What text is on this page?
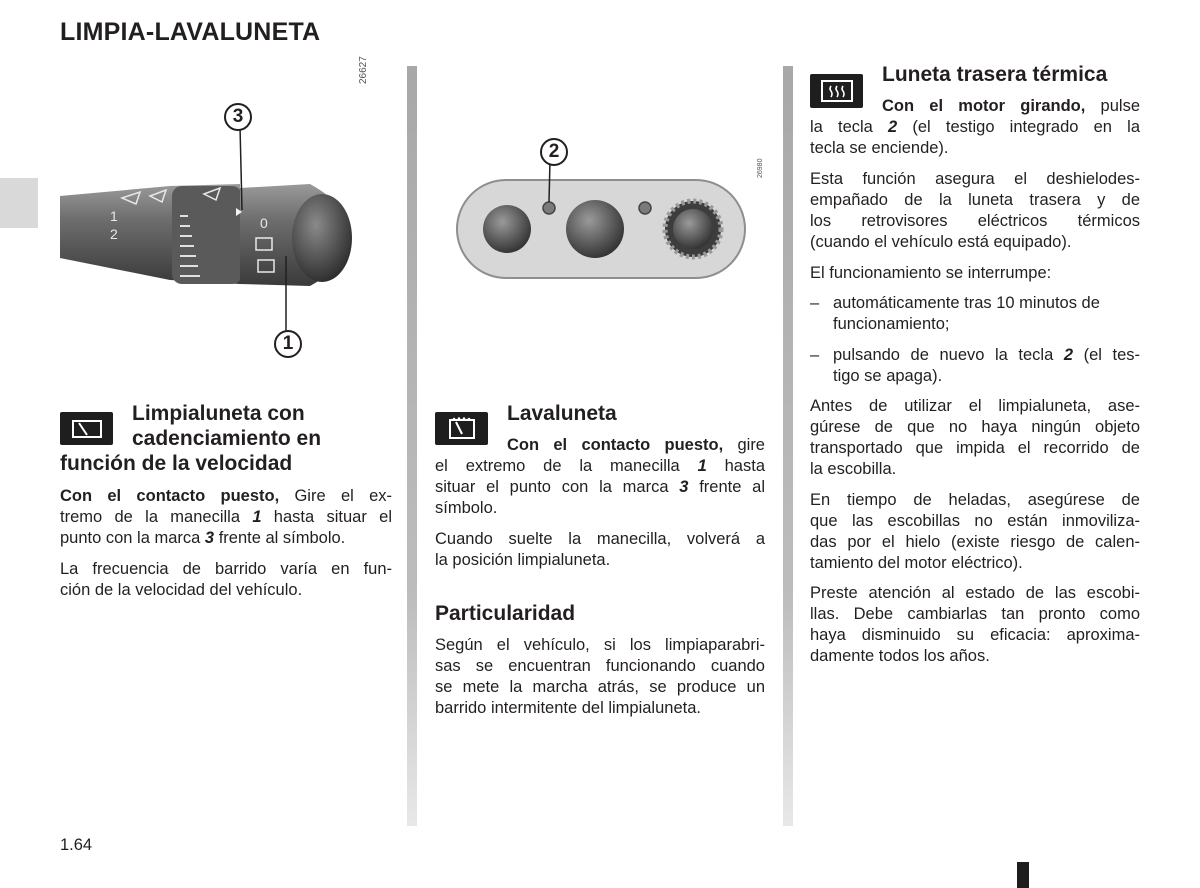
LIMPIA-LAVALUNETA
1
2
0
3
1
26627
Limpialuneta con
cadenciamiento en
función de la velocidad
Con el contacto puesto, Gire el ex-
tremo de la manecilla 1 hasta situar el
punto con la marca 3 frente al símbolo.
La frecuencia de barrido varía en fun-
ción de la velocidad del vehículo.
2
26980
Lavaluneta
Con el contacto puesto, gire
el extremo de la manecilla 1 hasta
situar el punto con la marca 3 frente al
símbolo.
Cuando suelte la manecilla, volverá a
la posición limpialuneta.
Particularidad
Según el vehículo, si los limpiaparabri-
sas se encuentran funcionando cuando
se mete la marcha atrás, se produce un
barrido intermitente del limpialuneta.
Luneta trasera térmica
Con el motor girando, pulse
la tecla 2 (el testigo integrado en la
tecla se enciende).
Esta función asegura el deshielodes-
empañado de la luneta trasera y de
los retrovisores eléctricos térmicos
(cuando el vehículo está equipado).
El funcionamiento se interrumpe:
– automáticamente tras 10 minutos de
funcionamiento;
– pulsando de nuevo la tecla 2 (el tes-
tigo se apaga).
Antes de utilizar el limpialuneta, ase-
gúrese de que no haya ningún objeto
transportado que impida el recorrido de
la escobilla.
En tiempo de heladas, asegúrese de
que las escobillas no están inmoviliza-
das por el hielo (existe riesgo de calen-
tamiento del motor eléctrico).
Preste atención al estado de las escobi-
llas. Debe cambiarlas tan pronto como
haya disminuido su eficacia: aproxima-
damente todos los años.
1.64
